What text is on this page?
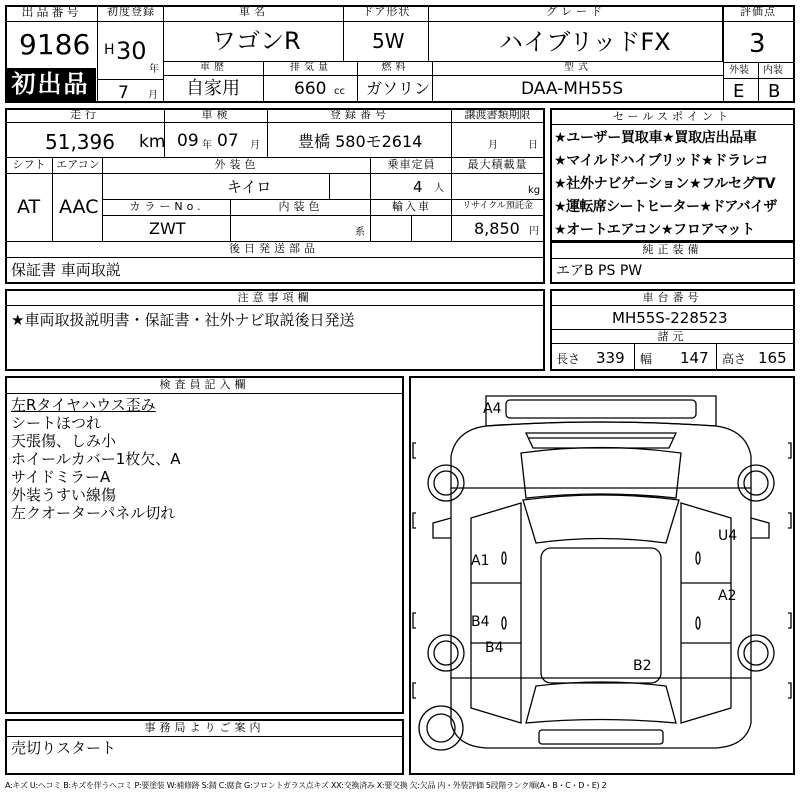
出品番号
9186
初出品
初度登録
H 30
年
7 月
車名
ワゴンR
ドア形状
5W
グレード
ハイブリッドFX
評価点
3
外装 内装
E B
車歴
自家用
排気量
660 cc
燃料
ガソリン
型式
DAA-MH55S
走行
51,396 km
車検
09 年 07 月
登録番号
豊橋 580モ2614
譲渡書類期限
月	日
シフト
AT
エアコン
AAC
外装色
キイロ
乗車定員
4 人
最大積載量
kg
カラーNo.
ZWT
内装色
系
輸入車	リサイクル預託金
8,850 円
後日発送部品
保証書 車両取説
セールスポイント
★ユーザー買取車★買取店出品車
★マイルドハイブリッド★ドラレコ
★社外ナビゲーション★フルセグTV
★運転席シートヒーター★ドアバイザ
★オートエアコン★フロアマット
純正装備
エアB PS PW
注意事項欄
★車両取扱説明書・保証書・社外ナビ取説後日発送
車台番号
MH55S-228523
諸元
長さ 339 幅 147 高さ 165
検査員記入欄
左Rタイヤハウス歪み
シートほつれ
天張傷、しみ小
ホイールカバー1枚欠、A
サイドミラーA
外装うすい線傷
左クオーターパネル切れ
A4
A1
B4
B4
U4
A2
B2
事務局よりご案内
売切りスタート
A:キズ U:ヘコミ B:キズを伴うヘコミ P:要塗装 W:補修跡 S:錆 C:腐食 G:フロントガラス点キズ XX:交換済み X:要交換 欠:欠品 内・外装評価 5段階ランク順(A・B・C・D・E) 2
